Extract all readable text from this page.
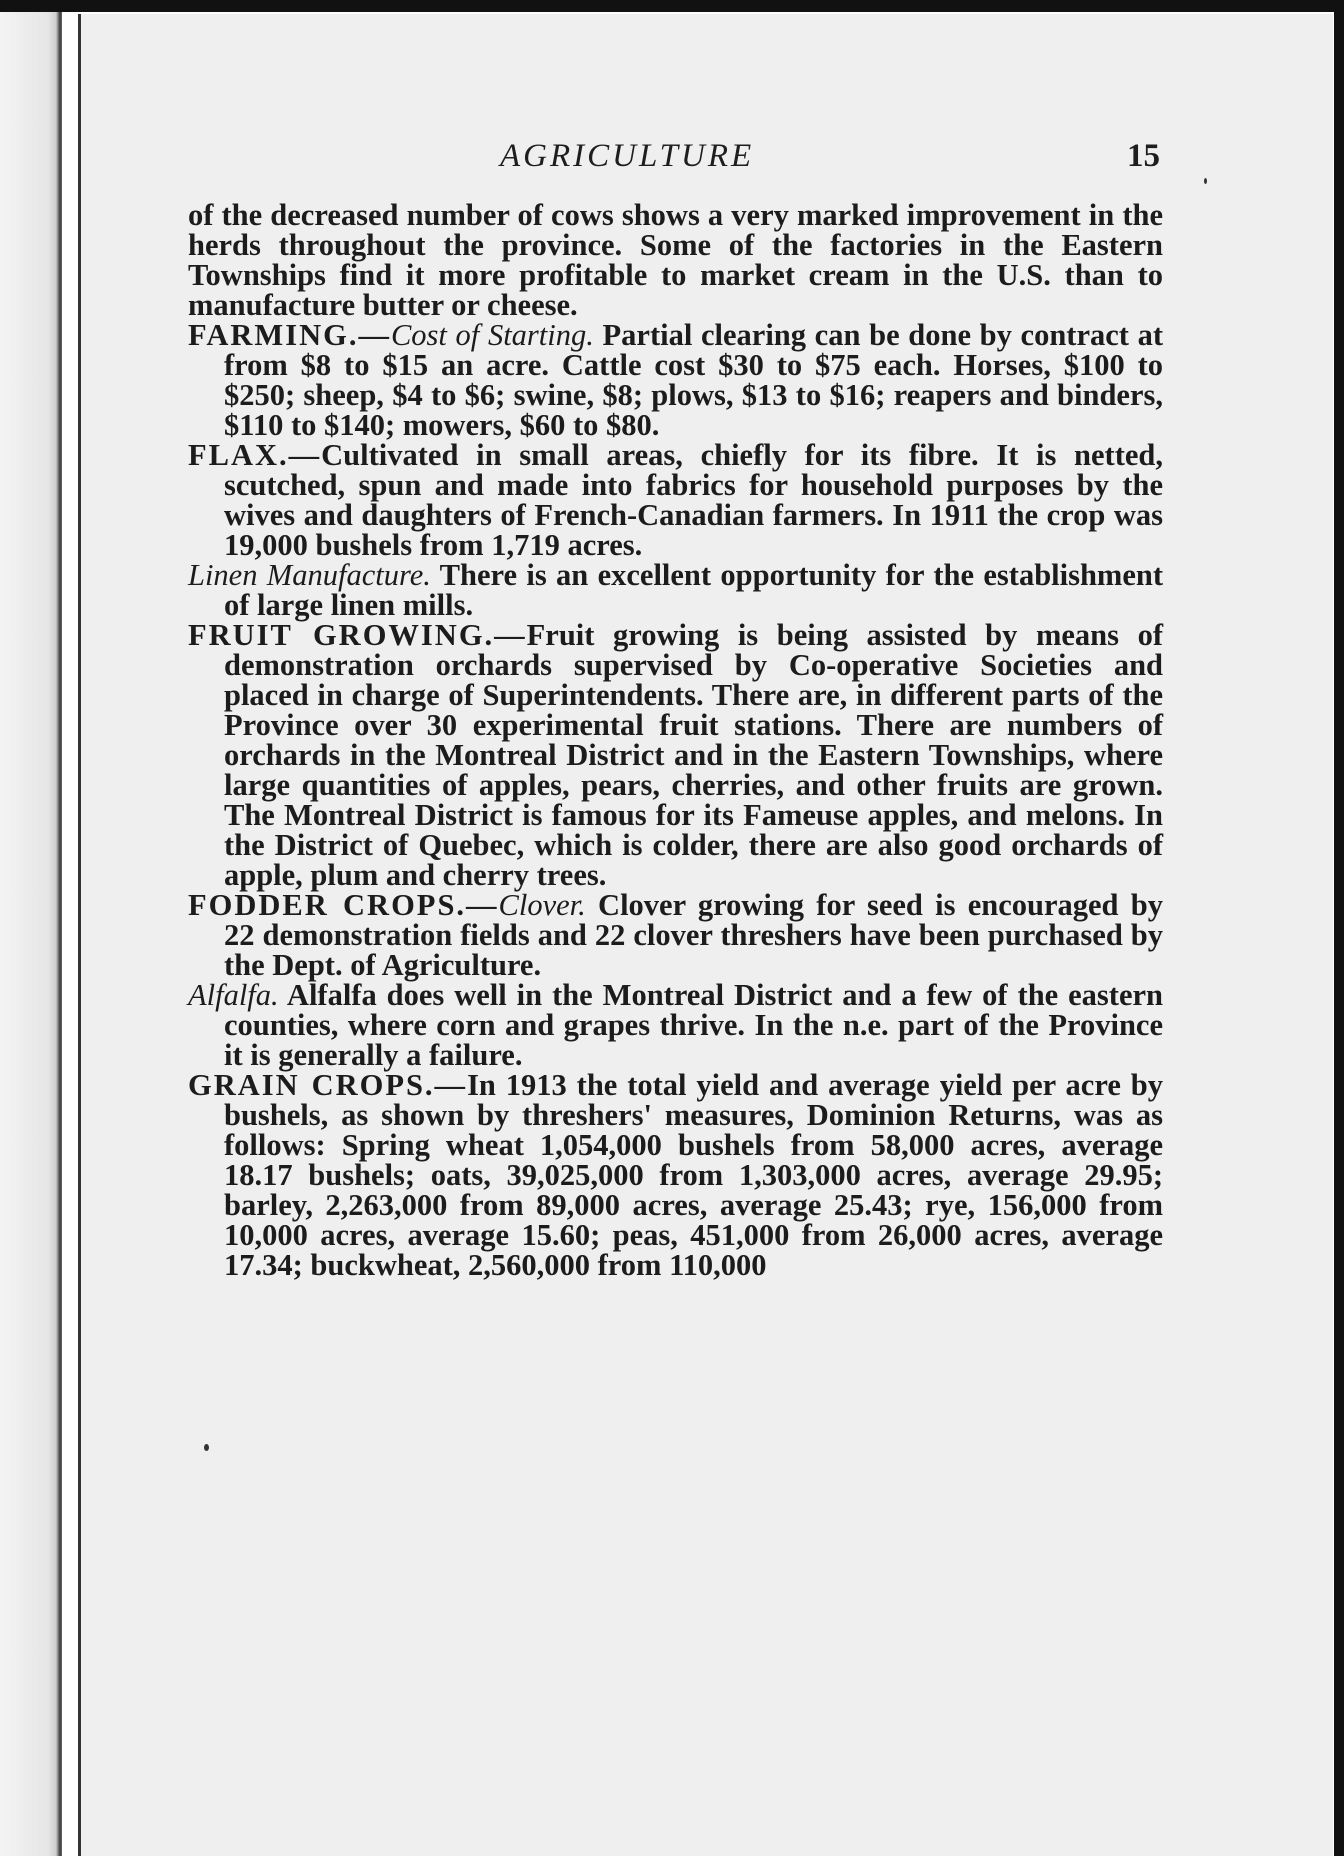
AGRICULTURE	15

of the decreased number of cows shows a very marked improvement in the herds throughout the province. Some of the factories in the Eastern Townships find it more profitable to market cream in the U.S. than to manufacture butter or cheese.

FARMING.—Cost of Starting. Partial clearing can be done by contract at from $8 to $15 an acre. Cattle cost $30 to $75 each. Horses, $100 to $250; sheep, $4 to $6; swine, $8; plows, $13 to $16; reapers and binders, $110 to $140; mowers, $60 to $80.

FLAX.—Cultivated in small areas, chiefly for its fibre. It is netted, scutched, spun and made into fabrics for household purposes by the wives and daughters of French-Canadian farmers. In 1911 the crop was 19,000 bushels from 1,719 acres.

Linen Manufacture. There is an excellent opportunity for the establishment of large linen mills.

FRUIT GROWING.—Fruit growing is being assisted by means of demonstration orchards supervised by Co-operative Societies and placed in charge of Superintendents. There are, in different parts of the Province over 30 experimental fruit stations. There are numbers of orchards in the Montreal District and in the Eastern Townships, where large quantities of apples, pears, cherries, and other fruits are grown. The Montreal District is famous for its Fameuse apples, and melons. In the District of Quebec, which is colder, there are also good orchards of apple, plum and cherry trees.

FODDER CROPS.—Clover. Clover growing for seed is encouraged by 22 demonstration fields and 22 clover threshers have been purchased by the Dept. of Agriculture.

Alfalfa. Alfalfa does well in the Montreal District and a few of the eastern counties, where corn and grapes thrive. In the n.e. part of the Province it is generally a failure.

GRAIN CROPS.—In 1913 the total yield and average yield per acre by bushels, as shown by threshers' measures, Dominion Returns, was as follows: Spring wheat 1,054,000 bushels from 58,000 acres, average 18.17 bushels; oats, 39,025,000 from 1,303,000 acres, average 29.95; barley, 2,263,000 from 89,000 acres, average 25.43; rye, 156,000 from 10,000 acres, average 15.60; peas, 451,000 from 26,000 acres, average 17.34; buckwheat, 2,560,000 from 110,000
